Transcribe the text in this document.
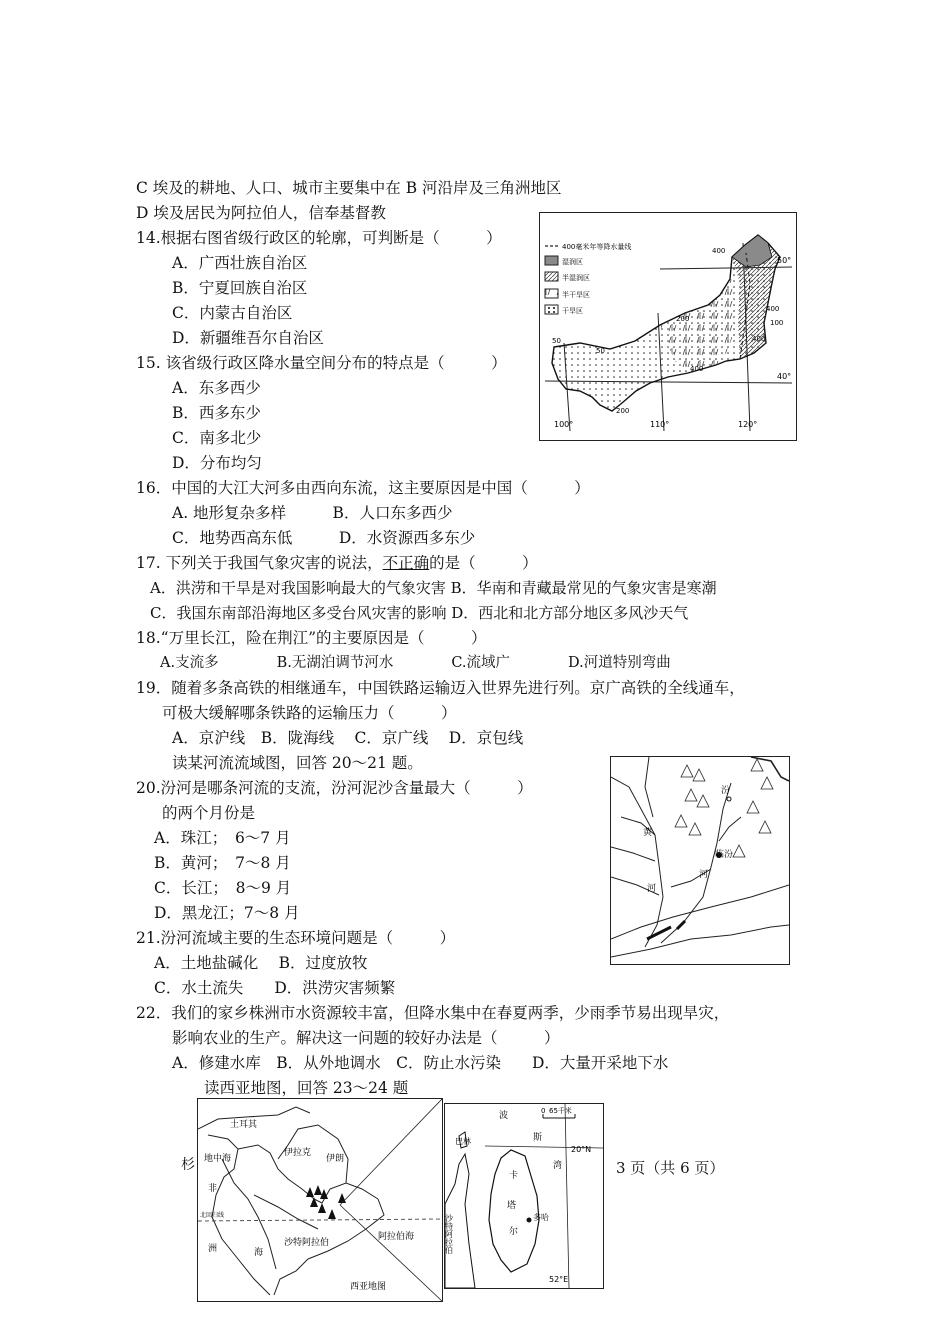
C 埃及的耕地、人口、城市主要集中在 B 河沿岸及三角洲地区
D 埃及居民为阿拉伯人，信奉基督教
14.根据右图省级行政区的轮廓，可判断是（　　　）
A．广西壮族自治区
B．宁夏回族自治区
C．内蒙古自治区
D．新疆维吾尔自治区
15. 该省级行政区降水量空间分布的特点是（　　　）
A．东多西少
B．西多东少
C．南多北少
D．分布均匀
16．中国的大江大河多由西向东流，这主要原因是中国（　　　）
A. 地形复杂多样　　　B．人口东多西少
C．地势西高东低　　　D．水资源西多东少
17. 下列关于我国气象灾害的说法，不正确的是（　　　）
A．洪涝和干旱是对我国影响最大的气象灾害 B．华南和青藏最常见的气象灾害是寒潮
C．我国东南部沿海地区多受台风灾害的影响 D．西北和北方部分地区多风沙天气
18.“万里长江，险在荆江”的主要原因是（　　　）
A.支流多　　　　B.无湖泊调节河水　　　　C.流域广　　　　D.河道特别弯曲
19．随着多条高铁的相继通车，中国铁路运输迈入世界先进行列。京广高铁的全线通车，
可极大缓解哪条铁路的运输压力（　　　）
A．京沪线　B．陇海线　 C．京广线　 D．京包线
读某河流流域图，回答 20～21 题。
20.汾河是哪条河流的支流，汾河泥沙含量最大（　　　）
的两个月份是
A．珠江；　6～7 月
B．黄河；　7～8 月
C．长江；　8～9 月
D．黑龙江；7～8 月
21.汾河流域主要的生态环境问题是（　　　）
A．土地盐碱化　 B．过度放牧
C．水土流失　　D．洪涝灾害频繁
22．我们的家乡株洲市水资源较丰富，但降水集中在春夏两季，少雨季节易出现旱灾，
影响农业的生产。解决这一问题的较好办法是（　　　）
A．修建水库　B．从外地调水　C．防止水污染　　D．大量开采地下水
读西亚地图，回答 23～24 题
3 页（共 6 页）
400毫米年等降水量线
湿润区
半湿润区
半干旱区
干旱区
400
400
100
400
200
50
50
400
200
50°
40°
100°	110°	120°
汾
临汾
河
黄
河
土耳其
地中海
伊拉克
伊朗
非
沙特阿拉伯
洲	海
阿拉伯海
西亚地图
北回归线
杉
0 65千米
波
斯
湾
卡
塔
尔
多哈
巴林
20°N
52°E
沙特阿拉伯
